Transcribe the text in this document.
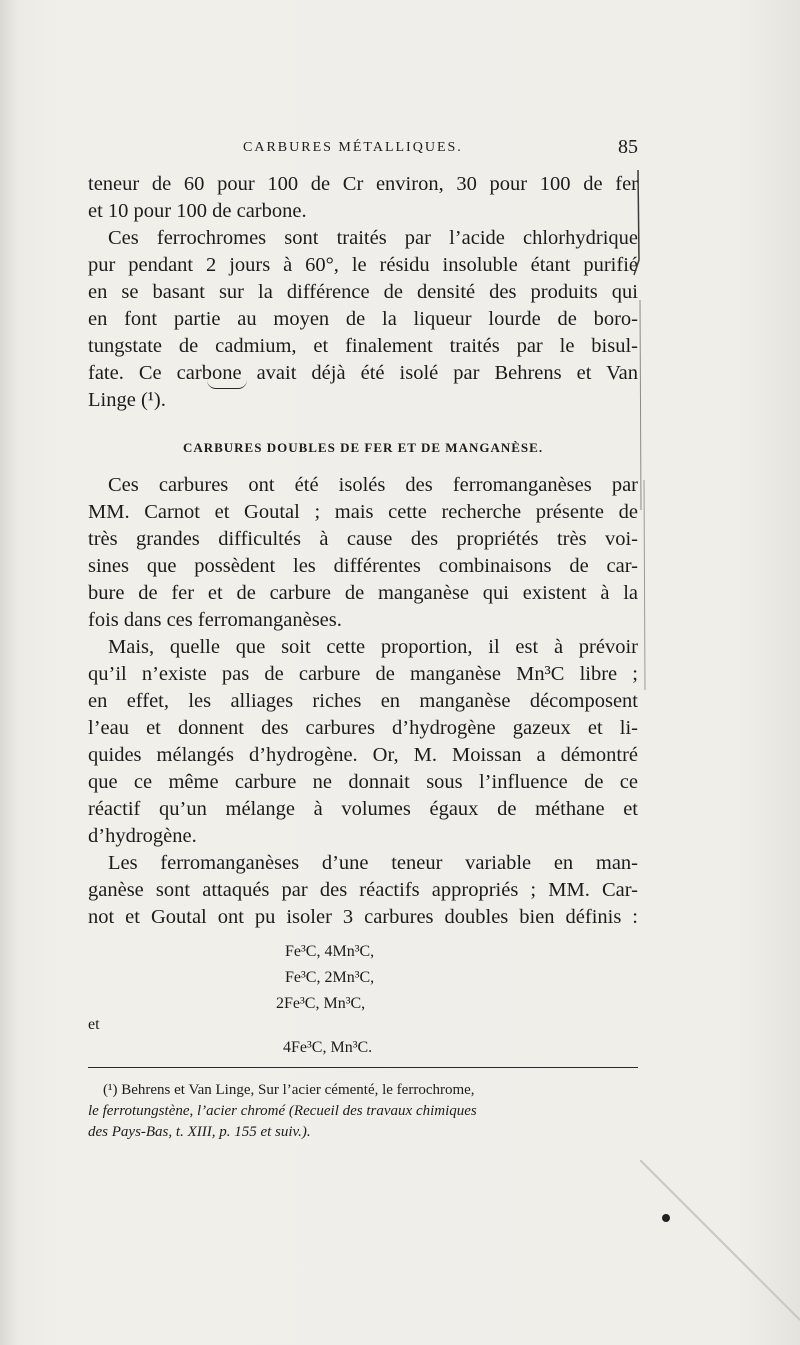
CARBURES MÉTALLIQUES.	85
teneur de 60 pour 100 de Cr environ, 30 pour 100 de fer
et 10 pour 100 de carbone.
Ces ferrochromes sont traités par l’acide chlorhydrique
pur pendant 2 jours à 60°, le résidu insoluble étant purifié
en se basant sur la différence de densité des produits qui
en font partie au moyen de la liqueur lourde de boro-
tungstate de cadmium, et finalement traités par le bisul-
fate. Ce carbone avait déjà été isolé par Behrens et Van
Linge (¹).
CARBURES DOUBLES DE FER ET DE MANGANÈSE.
Ces carbures ont été isolés des ferromanganèses par
MM. Carnot et Goutal ; mais cette recherche présente de
très grandes difficultés à cause des propriétés très voi-
sines que possèdent les différentes combinaisons de car-
bure de fer et de carbure de manganèse qui existent à la
fois dans ces ferromanganèses.
Mais, quelle que soit cette proportion, il est à prévoir
qu’il n’existe pas de carbure de manganèse Mn³C libre ;
en effet, les alliages riches en manganèse décomposent
l’eau et donnent des carbures d’hydrogène gazeux et li-
quides mélangés d’hydrogène. Or, M. Moissan a démontré
que ce même carbure ne donnait sous l’influence de ce
réactif qu’un mélange à volumes égaux de méthane et
d’hydrogène.
Les ferromanganèses d’une teneur variable en man-
ganèse sont attaqués par des réactifs appropriés ; MM. Car-
not et Goutal ont pu isoler 3 carbures doubles bien définis :
Fe³C, 4Mn³C,
Fe³C, 2Mn³C,
2Fe³C, Mn³C,
et
4Fe³C, Mn³C.
(¹) Behrens et Van Linge, Sur l’acier cémenté, le ferrochrome,
le ferrotungstène, l’acier chromé (Recueil des travaux chimiques
des Pays-Bas, t. XIII, p. 155 et suiv.).
